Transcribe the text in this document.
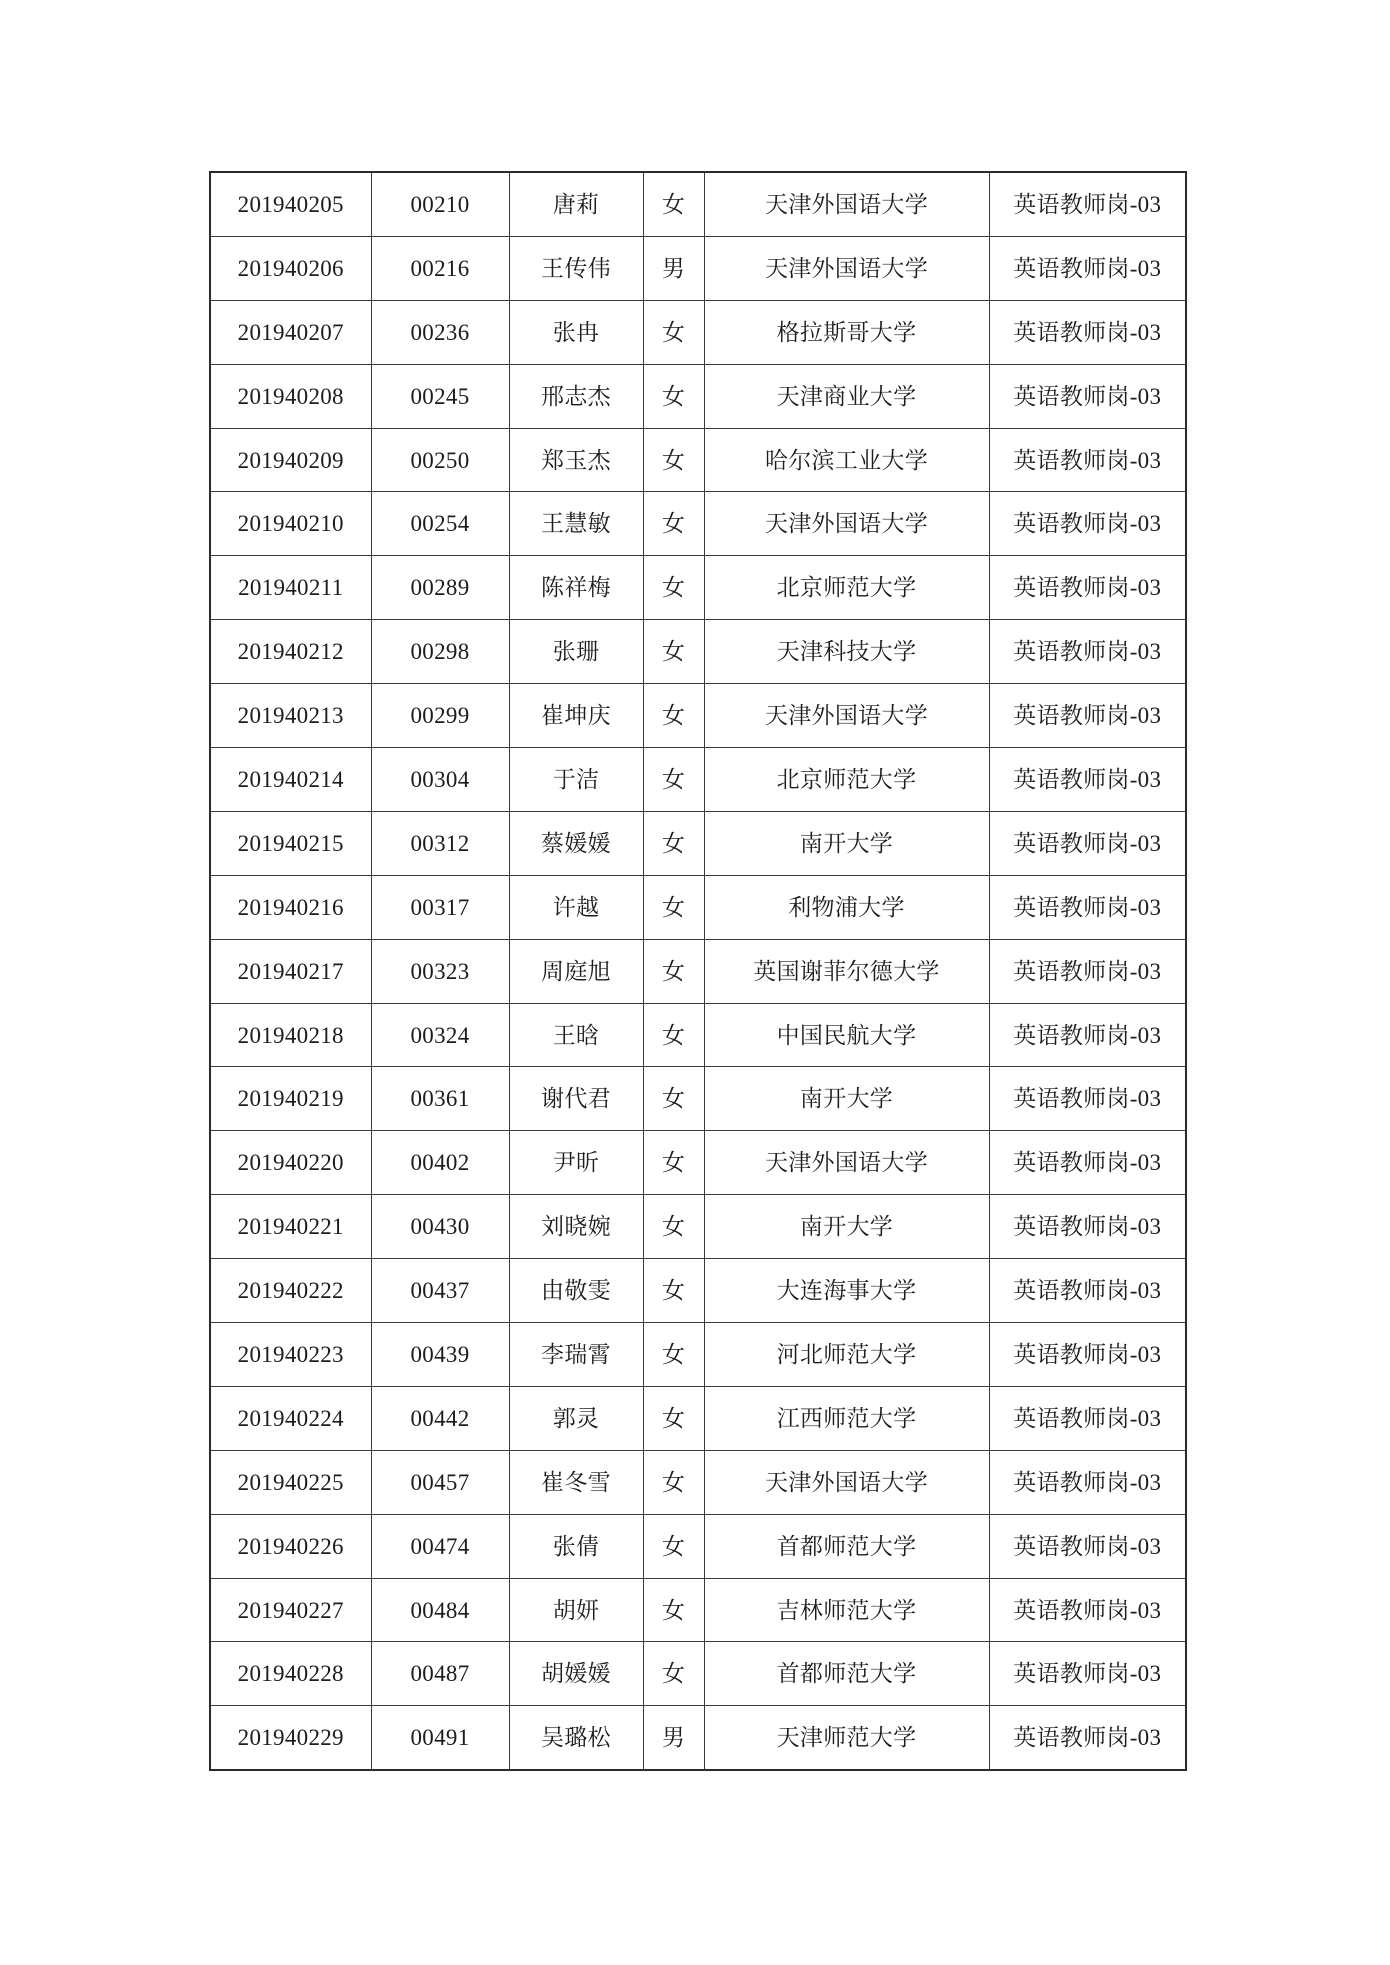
201940205	00210	唐莉	女	天津外国语大学	英语教师岗-03
201940206	00216	王传伟	男	天津外国语大学	英语教师岗-03
201940207	00236	张冉	女	格拉斯哥大学	英语教师岗-03
201940208	00245	邢志杰	女	天津商业大学	英语教师岗-03
201940209	00250	郑玉杰	女	哈尔滨工业大学	英语教师岗-03
201940210	00254	王慧敏	女	天津外国语大学	英语教师岗-03
201940211	00289	陈祥梅	女	北京师范大学	英语教师岗-03
201940212	00298	张珊	女	天津科技大学	英语教师岗-03
201940213	00299	崔坤庆	女	天津外国语大学	英语教师岗-03
201940214	00304	于洁	女	北京师范大学	英语教师岗-03
201940215	00312	蔡媛媛	女	南开大学	英语教师岗-03
201940216	00317	许越	女	利物浦大学	英语教师岗-03
201940217	00323	周庭旭	女	英国谢菲尔德大学	英语教师岗-03
201940218	00324	王晗	女	中国民航大学	英语教师岗-03
201940219	00361	谢代君	女	南开大学	英语教师岗-03
201940220	00402	尹昕	女	天津外国语大学	英语教师岗-03
201940221	00430	刘晓婉	女	南开大学	英语教师岗-03
201940222	00437	由敬雯	女	大连海事大学	英语教师岗-03
201940223	00439	李瑞霄	女	河北师范大学	英语教师岗-03
201940224	00442	郭灵	女	江西师范大学	英语教师岗-03
201940225	00457	崔冬雪	女	天津外国语大学	英语教师岗-03
201940226	00474	张倩	女	首都师范大学	英语教师岗-03
201940227	00484	胡妍	女	吉林师范大学	英语教师岗-03
201940228	00487	胡媛媛	女	首都师范大学	英语教师岗-03
201940229	00491	吴璐松	男	天津师范大学	英语教师岗-03
